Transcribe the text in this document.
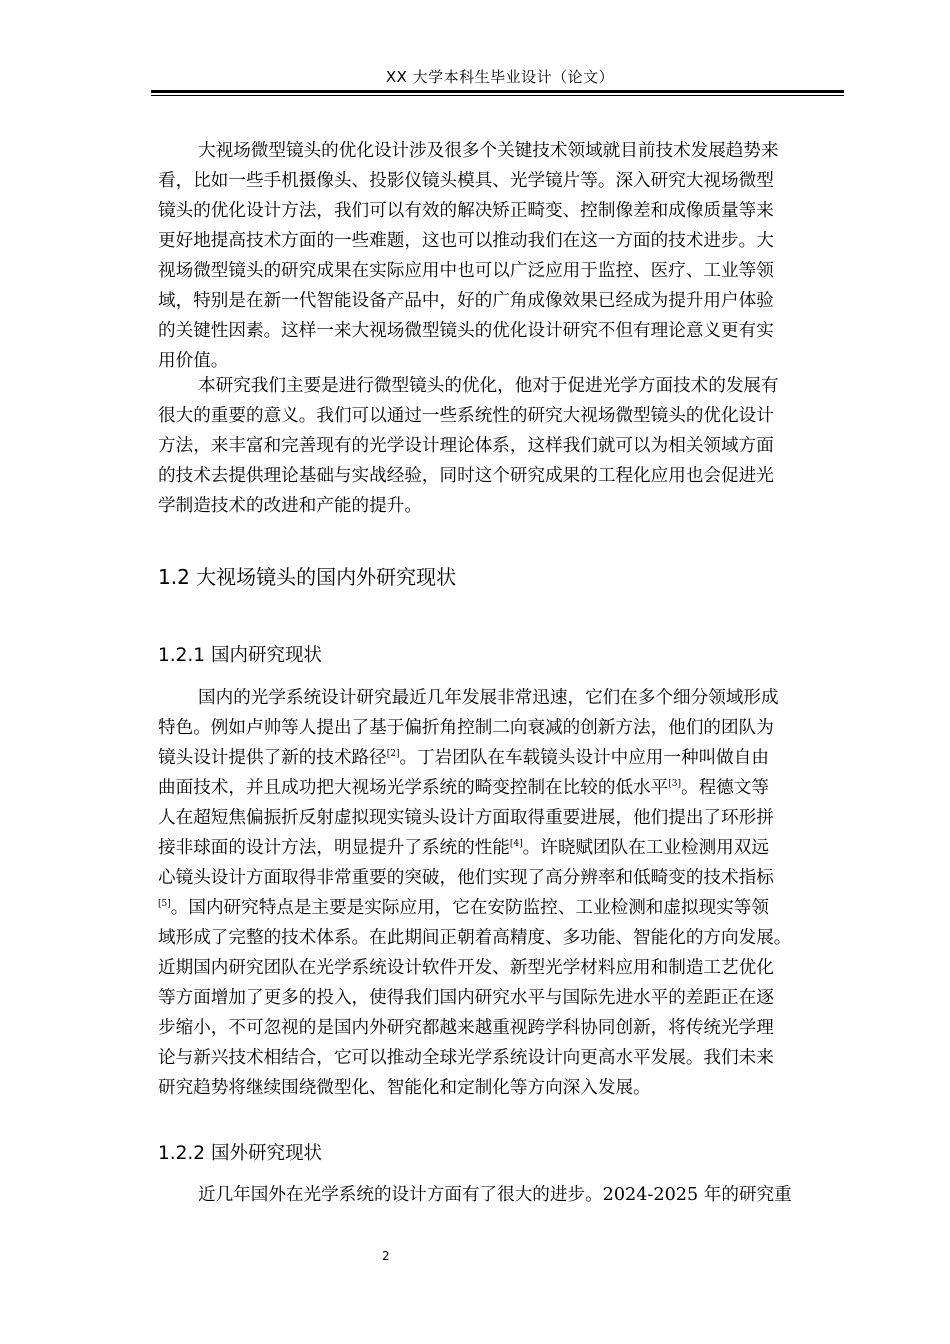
XX 大学本科生毕业设计（论文）

大视场微型镜头的优化设计涉及很多个关键技术领域就目前技术发展趋势来
看，比如一些手机摄像头、投影仪镜头模具、光学镜片等。深入研究大视场微型
镜头的优化设计方法，我们可以有效的解决矫正畸变、控制像差和成像质量等来
更好地提高技术方面的一些难题，这也可以推动我们在这一方面的技术进步。大
视场微型镜头的研究成果在实际应用中也可以广泛应用于监控、医疗、工业等领
域，特别是在新一代智能设备产品中，好的广角成像效果已经成为提升用户体验
的关键性因素。这样一来大视场微型镜头的优化设计研究不但有理论意义更有实
用价值。

本研究我们主要是进行微型镜头的优化，他对于促进光学方面技术的发展有
很大的重要的意义。我们可以通过一些系统性的研究大视场微型镜头的优化设计
方法，来丰富和完善现有的光学设计理论体系，这样我们就可以为相关领域方面
的技术去提供理论基础与实战经验，同时这个研究成果的工程化应用也会促进光
学制造技术的改进和产能的提升。

1.2 大视场镜头的国内外研究现状
1.2.1 国内研究现状

国内的光学系统设计研究最近几年发展非常迅速，它们在多个细分领域形成
特色。例如卢帅等人提出了基于偏折角控制二向衰减的创新方法，他们的团队为
镜头设计提供了新的技术路径[2]。丁岩团队在车载镜头设计中应用一种叫做自由
曲面技术，并且成功把大视场光学系统的畸变控制在比较的低水平[3]。程德文等
人在超短焦偏振折反射虚拟现实镜头设计方面取得重要进展，他们提出了环形拼
接非球面的设计方法，明显提升了系统的性能[4]。许晓赋团队在工业检测用双远
心镜头设计方面取得非常重要的突破，他们实现了高分辨率和低畸变的技术指标
[5]。国内研究特点是主要是实际应用，它在安防监控、工业检测和虚拟现实等领
域形成了完整的技术体系。在此期间正朝着高精度、多功能、智能化的方向发展。
近期国内研究团队在光学系统设计软件开发、新型光学材料应用和制造工艺优化
等方面增加了更多的投入，使得我们国内研究水平与国际先进水平的差距正在逐
步缩小，不可忽视的是国内外研究都越来越重视跨学科协同创新，将传统光学理
论与新兴技术相结合，它可以推动全球光学系统设计向更高水平发展。我们未来
研究趋势将继续围绕微型化、智能化和定制化等方向深入发展。

1.2.2 国外研究现状

近几年国外在光学系统的设计方面有了很大的进步。2024-2025 年的研究重

2
